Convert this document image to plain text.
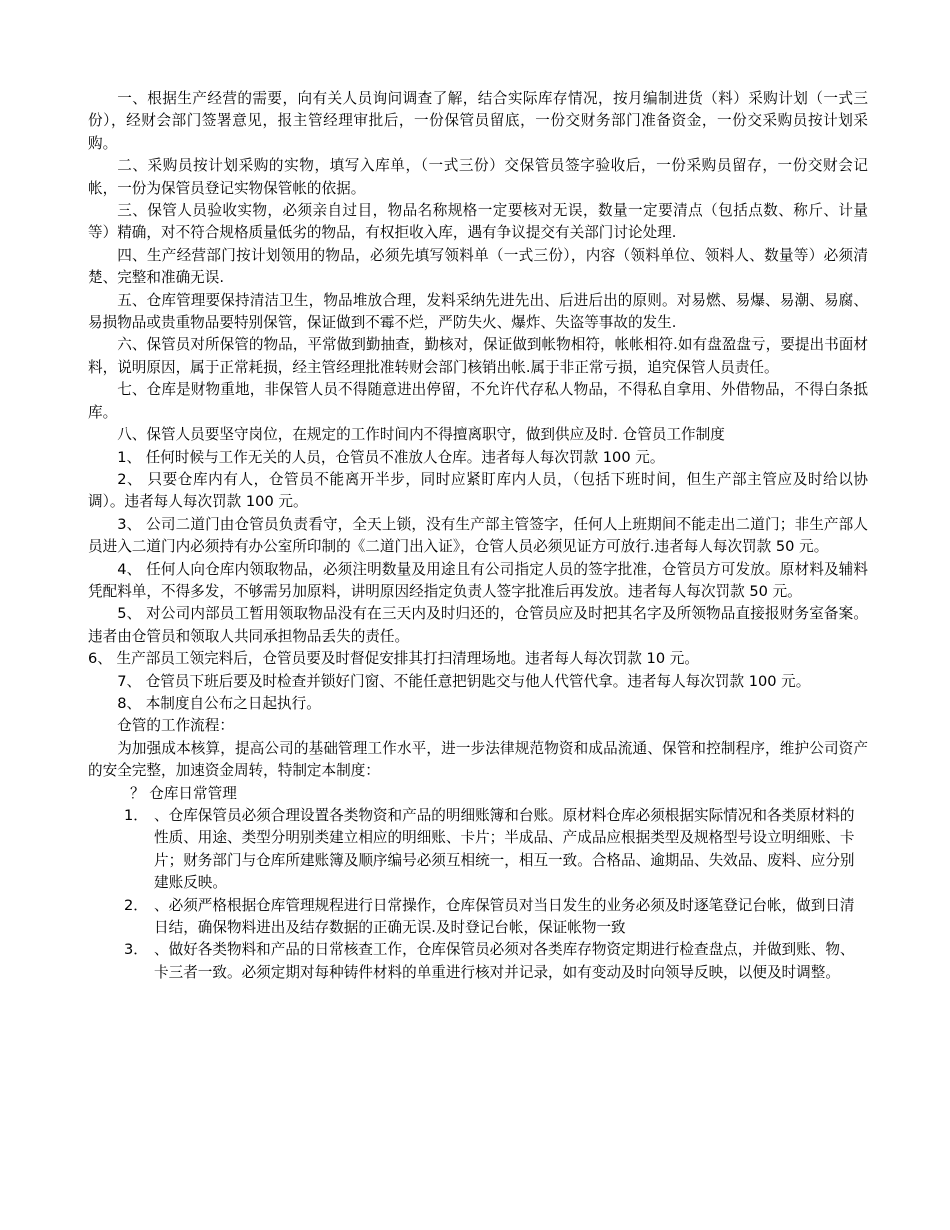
一、根据生产经营的需要，向有关人员询问调查了解，结合实际库存情况，按月编制进货（料）采购计划（一式三份），经财会部门签署意见，报主管经理审批后，一份保管员留底，一份交财务部门准备资金，一份交采购员按计划采购。

二、采购员按计划采购的实物，填写入库单，（一式三份）交保管员签字验收后，一份采购员留存，一份交财会记帐，一份为保管员登记实物保管帐的依据。

三、保管人员验收实物，必须亲自过目，物品名称规格一定要核对无误，数量一定要清点（包括点数、称斤、计量等）精确，对不符合规格质量低劣的物品，有权拒收入库，遇有争议提交有关部门讨论处理.

四、生产经营部门按计划领用的物品，必须先填写领料单（一式三份），内容（领料单位、领料人、数量等）必须清楚、完整和准确无误.

五、仓库管理要保持清洁卫生，物品堆放合理，发料采纳先进先出、后进后出的原则。对易燃、易爆、易潮、易腐、易损物品或贵重物品要特别保管，保证做到不霉不烂，严防失火、爆炸、失盗等事故的发生.

六、保管员对所保管的物品，平常做到勤抽查，勤核对，保证做到帐物相符，帐帐相符.如有盘盈盘亏，要提出书面材料，说明原因，属于正常耗损，经主管经理批准转财会部门核销出帐.属于非正常亏损，追究保管人员责任。

七、仓库是财物重地，非保管人员不得随意进出停留，不允许代存私人物品，不得私自拿用、外借物品，不得白条抵库。

八、保管人员要坚守岗位，在规定的工作时间内不得擅离职守，做到供应及时. 仓管员工作制度

1、 任何时候与工作无关的人员，仓管员不准放人仓库。违者每人每次罚款 100 元。

2、 只要仓库内有人，仓管员不能离开半步，同时应紧盯库内人员，（包括下班时间，但生产部主管应及时给以协调）。违者每人每次罚款 100 元。

3、 公司二道门由仓管员负责看守，全天上锁，没有生产部主管签字，任何人上班期间不能走出二道门；非生产部人员进入二道门内必须持有办公室所印制的《二道门出入证》，仓管人员必须见证方可放行.违者每人每次罚款 50 元。

4、 任何人向仓库内领取物品，必须注明数量及用途且有公司指定人员的签字批准，仓管员方可发放。原材料及辅料凭配料单，不得多发，不够需另加原料，讲明原因经指定负责人签字批准后再发放。违者每人每次罚款 50 元。

5、 对公司内部员工暂用领取物品没有在三天内及时归还的，仓管员应及时把其名字及所领物品直接报财务室备案。违者由仓管员和领取人共同承担物品丢失的责任。

6、 生产部员工领完料后，仓管员要及时督促安排其打扫清理场地。违者每人每次罚款 10 元。

7、 仓管员下班后要及时检查并锁好门窗、不能任意把钥匙交与他人代管代拿。违者每人每次罚款 100 元。

8、 本制度自公布之日起执行。

仓管的工作流程：

为加强成本核算，提高公司的基础管理工作水平，进一步法律规范物资和成品流通、保管和控制程序，维护公司资产的安全完整，加速资金周转，特制定本制度：

？ 仓库日常管理

1． 、仓库保管员必须合理设置各类物资和产品的明细账簿和台账。原材料仓库必须根据实际情况和各类原材料的性质、用途、类型分明别类建立相应的明细账、卡片；半成品、产成品应根据类型及规格型号设立明细账、卡片；财务部门与仓库所建账簿及顺序编号必须互相统一，相互一致。合格品、逾期品、失效品、废料、应分别建账反映。
2． 、必须严格根据仓库管理规程进行日常操作，仓库保管员对当日发生的业务必须及时逐笔登记台帐，做到日清日结，确保物料进出及结存数据的正确无误.及时登记台帐，保证帐物一致
3． 、做好各类物料和产品的日常核查工作，仓库保管员必须对各类库存物资定期进行检查盘点，并做到账、物、卡三者一致。必须定期对每种铸件材料的单重进行核对并记录，如有变动及时向领导反映，以便及时调整。
